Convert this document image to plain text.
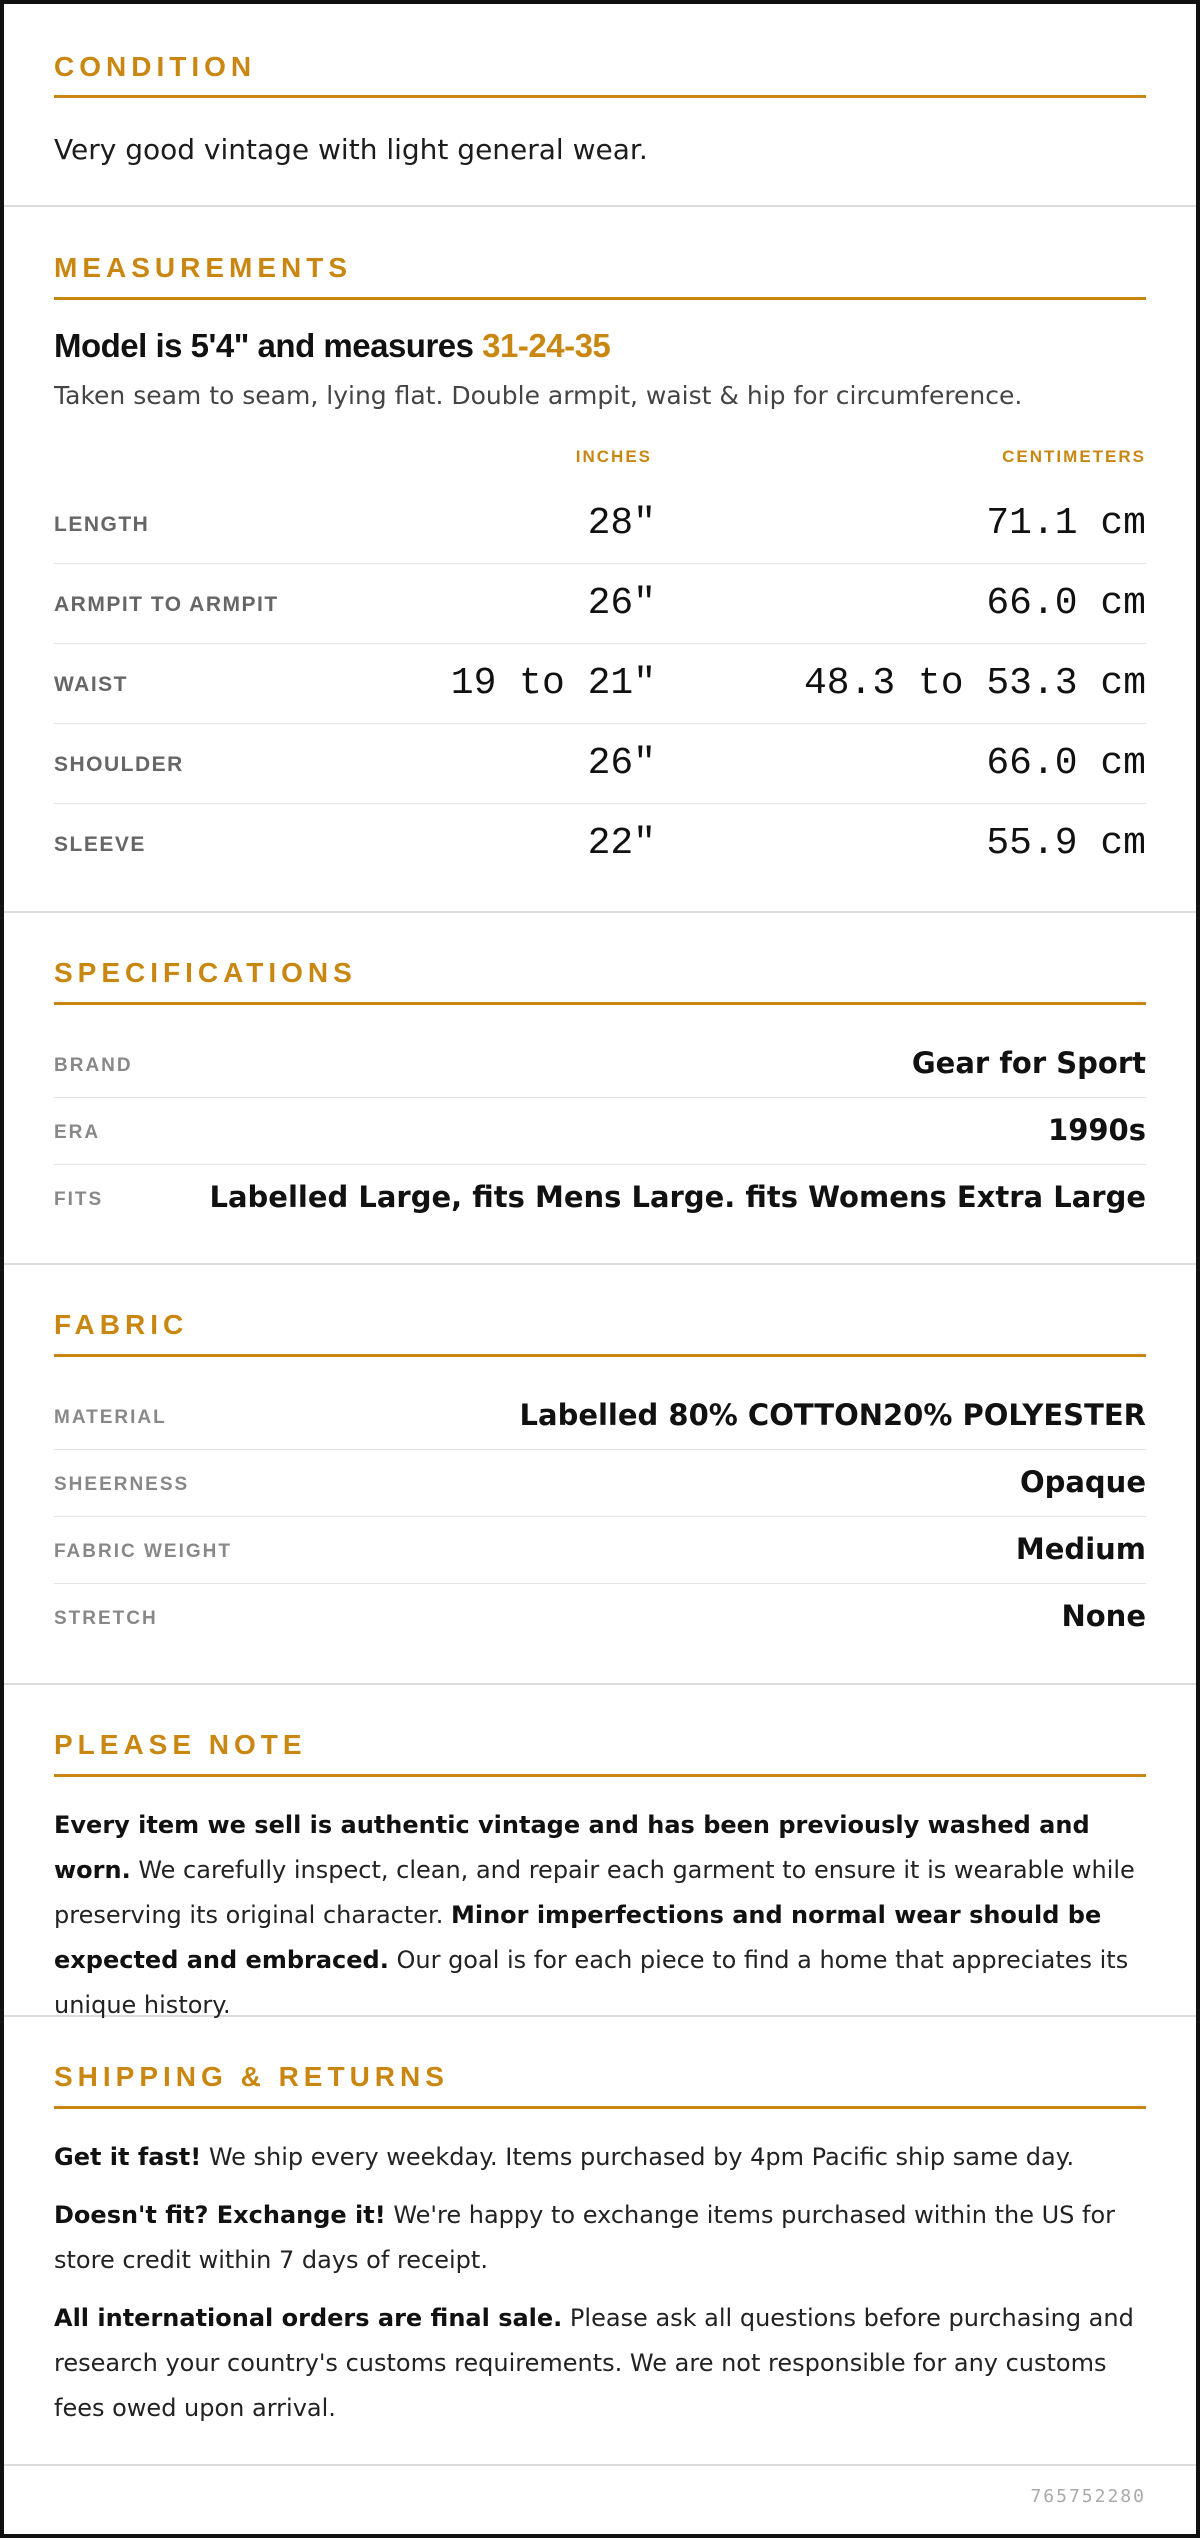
CONDITION
Very good vintage with light general wear.
MEASUREMENTS
Model is 5'4" and measures 31-24-35
Taken seam to seam, lying flat. Double armpit, waist & hip for circumference.
INCHES	CENTIMETERS
LENGTH	28"	71.1 cm
ARMPIT TO ARMPIT	26"	66.0 cm
WAIST	19 to 21"	48.3 to 53.3 cm
SHOULDER	26"	66.0 cm
SLEEVE	22"	55.9 cm
SPECIFICATIONS
BRAND	Gear for Sport
ERA	1990s
FITS	Labelled Large, fits Mens Large. fits Womens Extra Large
FABRIC
MATERIAL	Labelled 80% COTTON20% POLYESTER
SHEERNESS	Opaque
FABRIC WEIGHT	Medium
STRETCH	None
PLEASE NOTE
Every item we sell is authentic vintage and has been previously washed and worn. We carefully inspect, clean, and repair each garment to ensure it is wearable while preserving its original character. Minor imperfections and normal wear should be expected and embraced. Our goal is for each piece to find a home that appreciates its unique history.
SHIPPING & RETURNS
Get it fast! We ship every weekday. Items purchased by 4pm Pacific ship same day.
Doesn't fit? Exchange it! We're happy to exchange items purchased within the US for store credit within 7 days of receipt.
All international orders are final sale. Please ask all questions before purchasing and research your country's customs requirements. We are not responsible for any customs fees owed upon arrival.
765752280
